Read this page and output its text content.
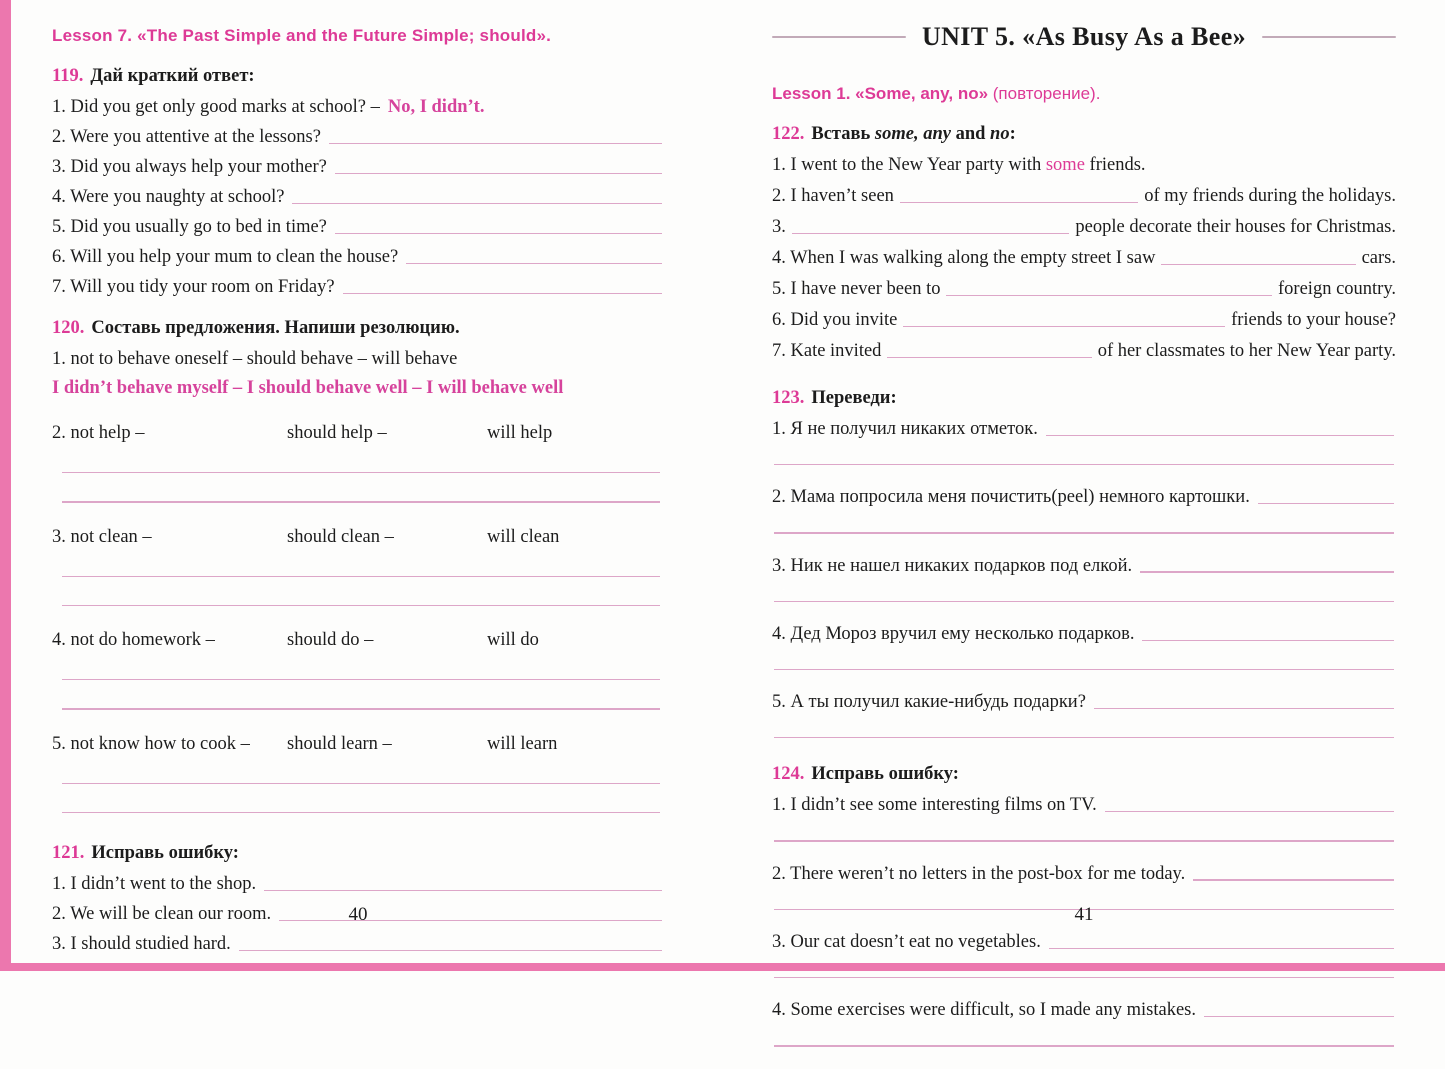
Lesson 7. «The Past Simple and the Future Simple; should».
119. Дай краткий ответ:
1. Did you get only good marks at school? – No, I didn’t.
2. Were you attentive at the lessons?
3. Did you always help your mother?
4. Were you naughty at school?
5. Did you usually go to bed in time?
6. Will you help your mum to clean the house?
7. Will you tidy your room on Friday?
120. Составь предложения. Напиши резолюцию.
1. not to behave oneself – should behave – will behave
I didn’t behave myself – I should behave well – I will behave well
2. not help –	should help –	will help
3. not clean –	should clean –	will clean
4. not do homework –	should do –	will do
5. not know how to cook –	should learn –	will learn
121. Исправь ошибку:
1. I didn’t went to the shop.
2. We will be clean our room.
3. I should studied hard.
40
UNIT 5. «As Busy As a Bee»
Lesson 1. «Some, any, no» (повторение).
122. Вставь some, any and no:
1. I went to the New Year party with some friends.
2. I haven’t seen	of my friends during the holidays.
3.	people decorate their houses for Christmas.
4. When I was walking along the empty street I saw	cars.
5. I have never been to	foreign country.
6. Did you invite	friends to your house?
7. Kate invited	of her classmates to her New Year party.
123. Переведи:
1. Я не получил никаких отметок.
2. Мама попросила меня почистить(peel) немного картошки.
3. Ник не нашел никаких подарков под елкой.
4. Дед Мороз вручил ему несколько подарков.
5. А ты получил какие-нибудь подарки?
124. Исправь ошибку:
1. I didn’t see some interesting films on TV.
2. There weren’t no letters in the post-box for me today.
3. Our cat doesn’t eat no vegetables.
4. Some exercises were difficult, so I made any mistakes.
41
